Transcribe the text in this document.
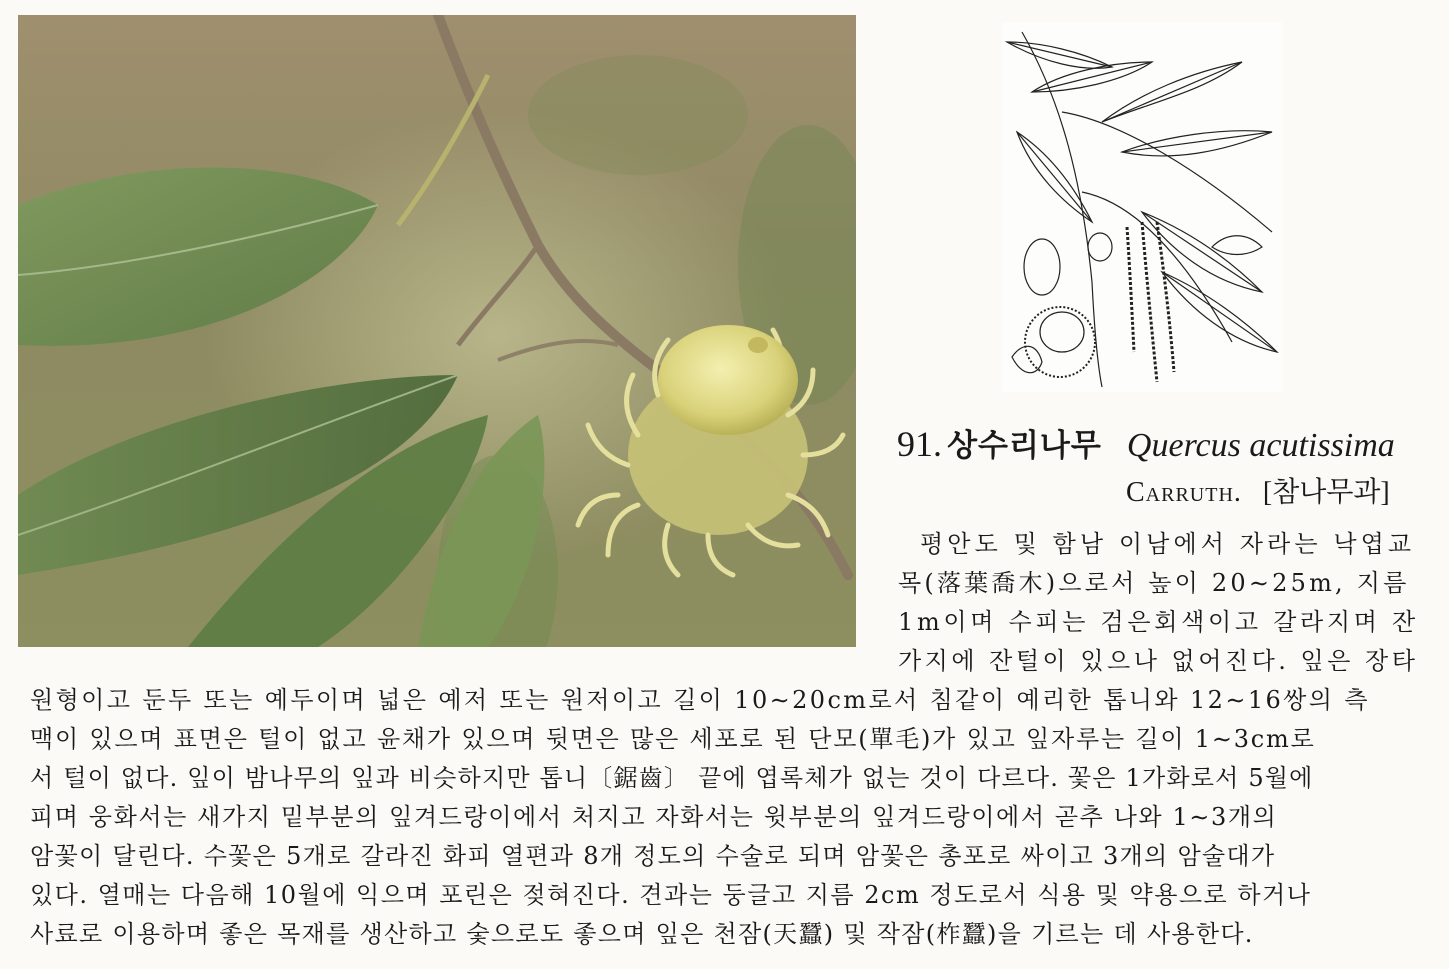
91. 상수리나무 Quercus acutissima
Carruth. [참나무과]
평안도 및 함남 이남에서 자라는 낙엽교
목(落葉喬木)으로서 높이 20∼25m, 지름
1m이며 수피는 검은회색이고 갈라지며 잔
가지에 잔털이 있으나 없어진다. 잎은 장타
원형이고 둔두 또는 예두이며 넓은 예저 또는 원저이고 길이 10∼20cm로서 침같이 예리한 톱니와 12∼16쌍의 측
맥이 있으며 표면은 털이 없고 윤채가 있으며 뒷면은 많은 세포로 된 단모(單毛)가 있고 잎자루는 길이 1∼3cm로
서 털이 없다. 잎이 밤나무의 잎과 비슷하지만 톱니〔鋸齒〕 끝에 엽록체가 없는 것이 다르다. 꽃은 1가화로서 5월에
피며 웅화서는 새가지 밑부분의 잎겨드랑이에서 처지고 자화서는 윗부분의 잎겨드랑이에서 곧추 나와 1∼3개의
암꽃이 달린다. 수꽃은 5개로 갈라진 화피 열편과 8개 정도의 수술로 되며 암꽃은 총포로 싸이고 3개의 암술대가
있다. 열매는 다음해 10월에 익으며 포린은 젖혀진다. 견과는 둥글고 지름 2cm 정도로서 식용 및 약용으로 하거나
사료로 이용하며 좋은 목재를 생산하고 숯으로도 좋으며 잎은 천잠(天蠶) 및 작잠(柞蠶)을 기르는 데 사용한다.
